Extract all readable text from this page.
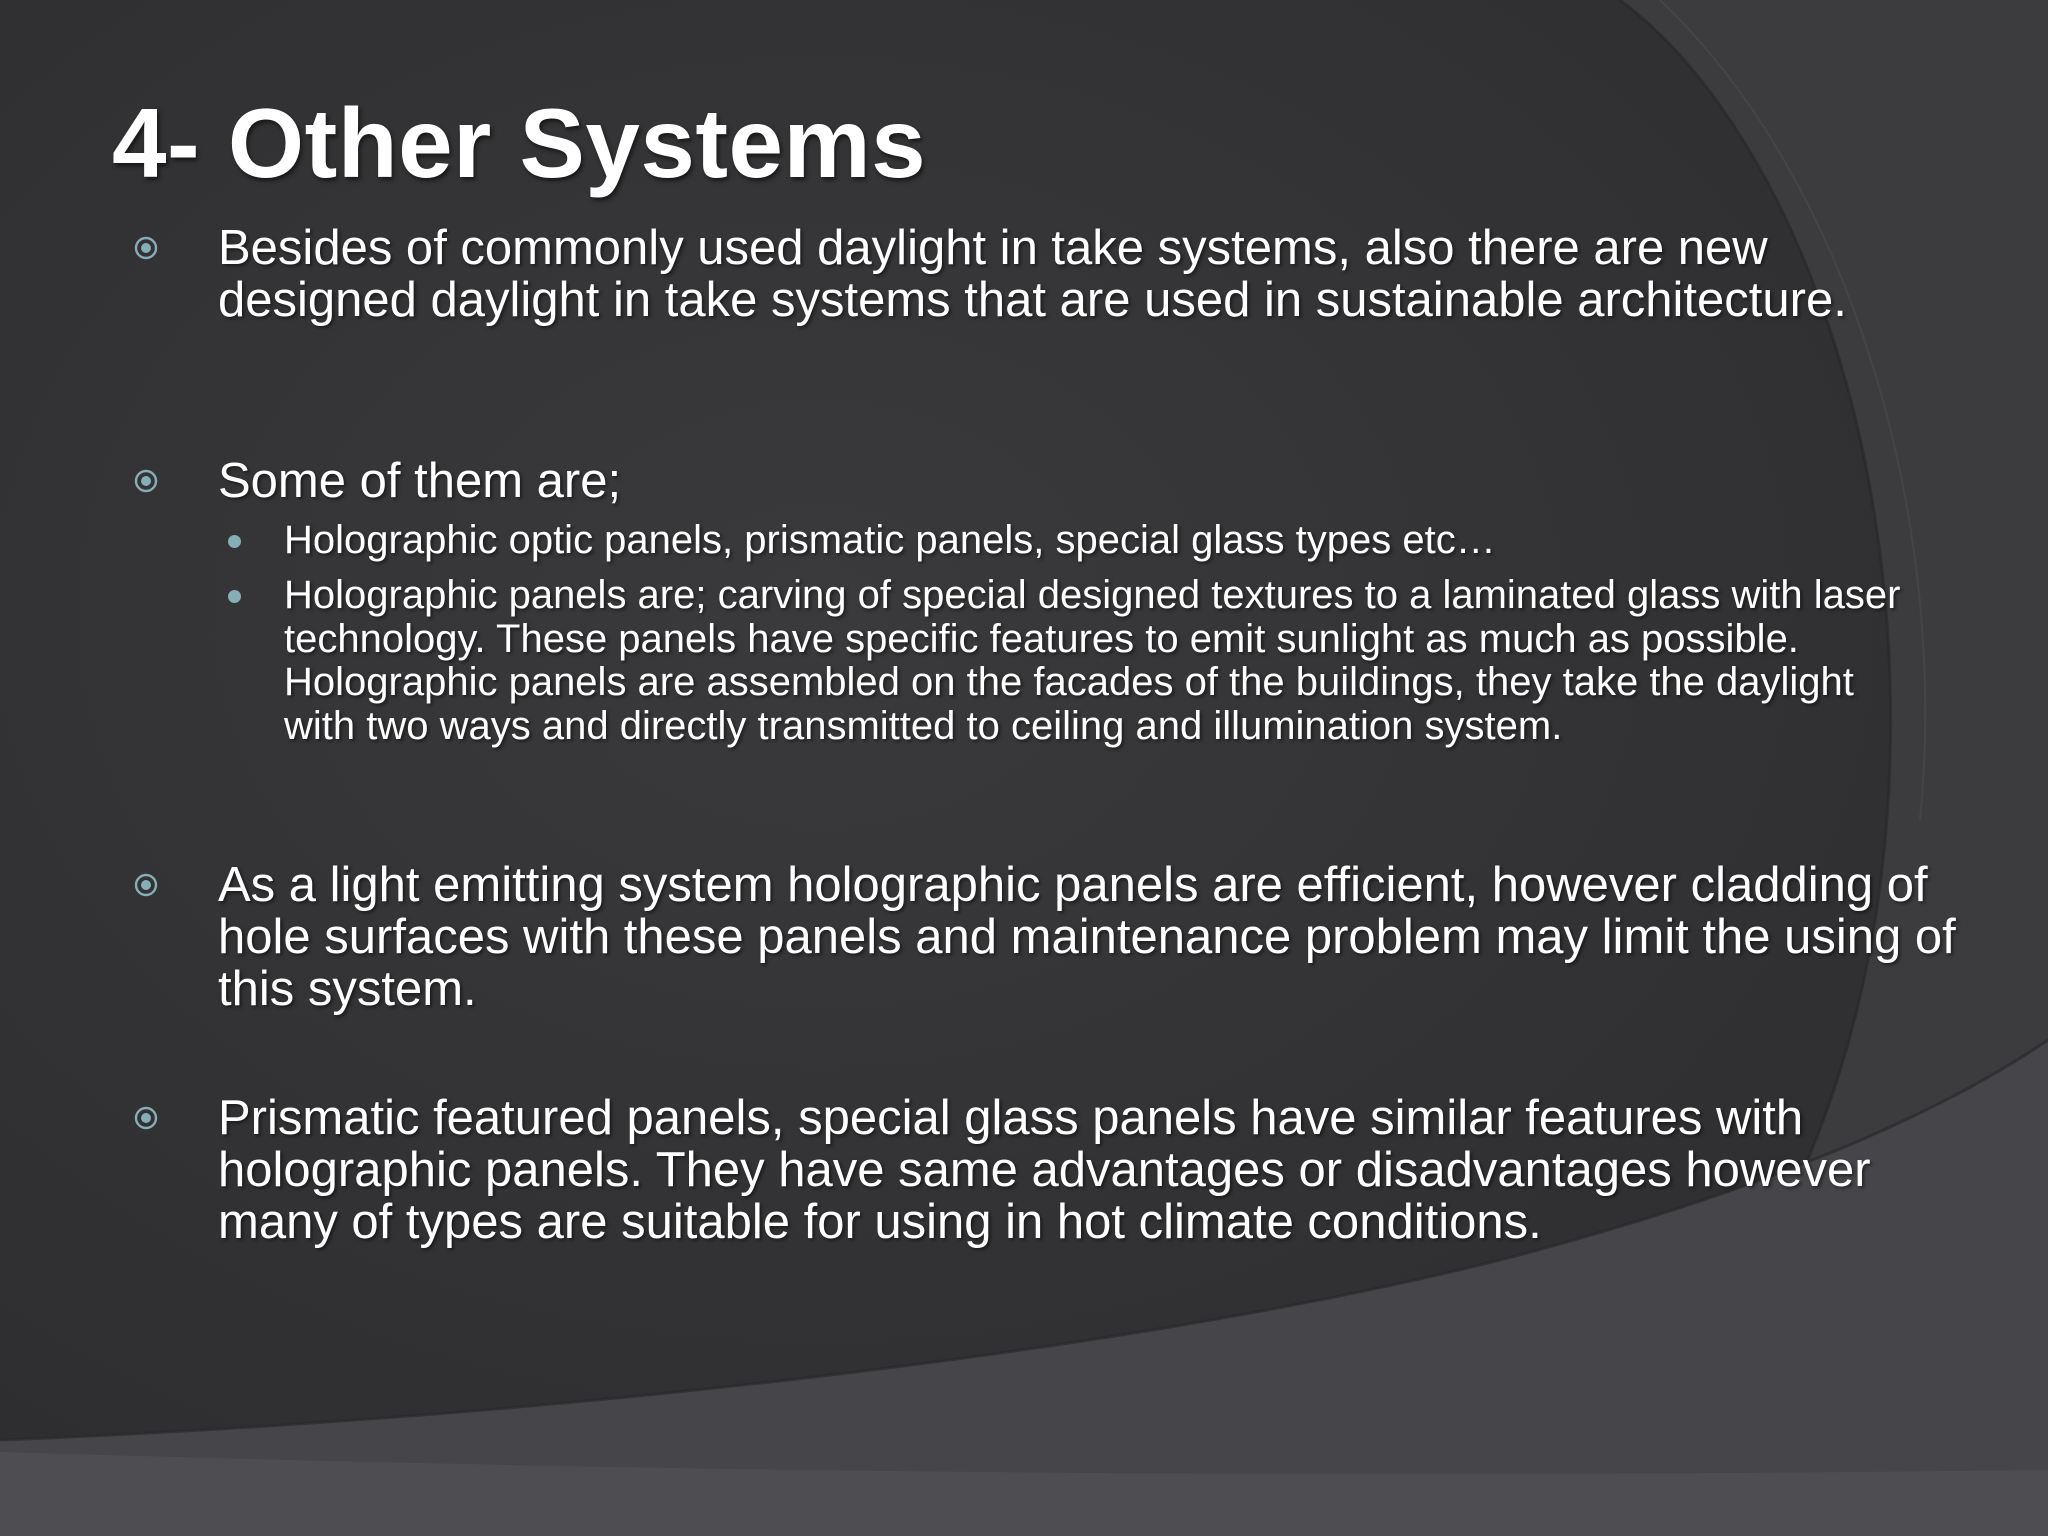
4- Other Systems

Besides of commonly used daylight in take systems, also there are new designed daylight in take systems that are used in sustainable architecture.

Some of them are;

Holographic optic panels, prismatic panels, special glass types etc…

Holographic panels are; carving of special designed textures to a laminated glass with laser technology. These panels have specific features to emit sunlight as much as possible. Holographic panels are assembled on the facades of the buildings, they take the daylight with two ways and directly transmitted to ceiling and illumination system.

As a light emitting system holographic panels are efficient, however cladding of hole surfaces with these panels and maintenance problem may limit the using of this system.

Prismatic featured panels, special glass panels have similar features with holographic panels. They have same advantages or disadvantages however many of types are suitable for using in hot climate conditions.
